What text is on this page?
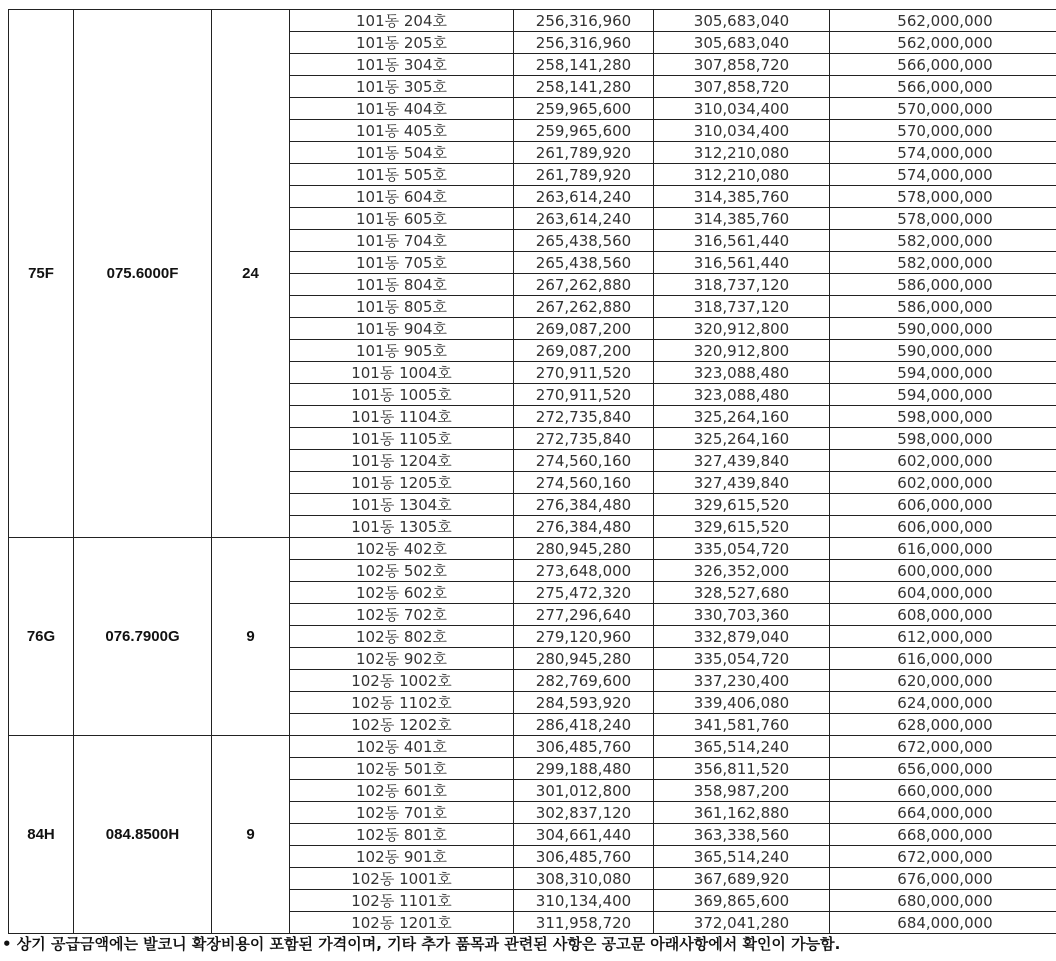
75F	075.6000F	24	101동 204호	256,316,960	305,683,040	562,000,000
			101동 205호	256,316,960	305,683,040	562,000,000
			101동 304호	258,141,280	307,858,720	566,000,000
			101동 305호	258,141,280	307,858,720	566,000,000
			101동 404호	259,965,600	310,034,400	570,000,000
			101동 405호	259,965,600	310,034,400	570,000,000
			101동 504호	261,789,920	312,210,080	574,000,000
			101동 505호	261,789,920	312,210,080	574,000,000
			101동 604호	263,614,240	314,385,760	578,000,000
			101동 605호	263,614,240	314,385,760	578,000,000
			101동 704호	265,438,560	316,561,440	582,000,000
			101동 705호	265,438,560	316,561,440	582,000,000
			101동 804호	267,262,880	318,737,120	586,000,000
			101동 805호	267,262,880	318,737,120	586,000,000
			101동 904호	269,087,200	320,912,800	590,000,000
			101동 905호	269,087,200	320,912,800	590,000,000
			101동 1004호	270,911,520	323,088,480	594,000,000
			101동 1005호	270,911,520	323,088,480	594,000,000
			101동 1104호	272,735,840	325,264,160	598,000,000
			101동 1105호	272,735,840	325,264,160	598,000,000
			101동 1204호	274,560,160	327,439,840	602,000,000
			101동 1205호	274,560,160	327,439,840	602,000,000
			101동 1304호	276,384,480	329,615,520	606,000,000
			101동 1305호	276,384,480	329,615,520	606,000,000
76G	076.7900G	9	102동 402호	280,945,280	335,054,720	616,000,000
			102동 502호	273,648,000	326,352,000	600,000,000
			102동 602호	275,472,320	328,527,680	604,000,000
			102동 702호	277,296,640	330,703,360	608,000,000
			102동 802호	279,120,960	332,879,040	612,000,000
			102동 902호	280,945,280	335,054,720	616,000,000
			102동 1002호	282,769,600	337,230,400	620,000,000
			102동 1102호	284,593,920	339,406,080	624,000,000
			102동 1202호	286,418,240	341,581,760	628,000,000
84H	084.8500H	9	102동 401호	306,485,760	365,514,240	672,000,000
			102동 501호	299,188,480	356,811,520	656,000,000
			102동 601호	301,012,800	358,987,200	660,000,000
			102동 701호	302,837,120	361,162,880	664,000,000
			102동 801호	304,661,440	363,338,560	668,000,000
			102동 901호	306,485,760	365,514,240	672,000,000
			102동 1001호	308,310,080	367,689,920	676,000,000
			102동 1101호	310,134,400	369,865,600	680,000,000
			102동 1201호	311,958,720	372,041,280	684,000,000
• 상기 공급금액에는 발코니 확장비용이 포함된 가격이며, 기타 추가 품목과 관련된 사항은 공고문 아래사항에서 확인이 가능함.
